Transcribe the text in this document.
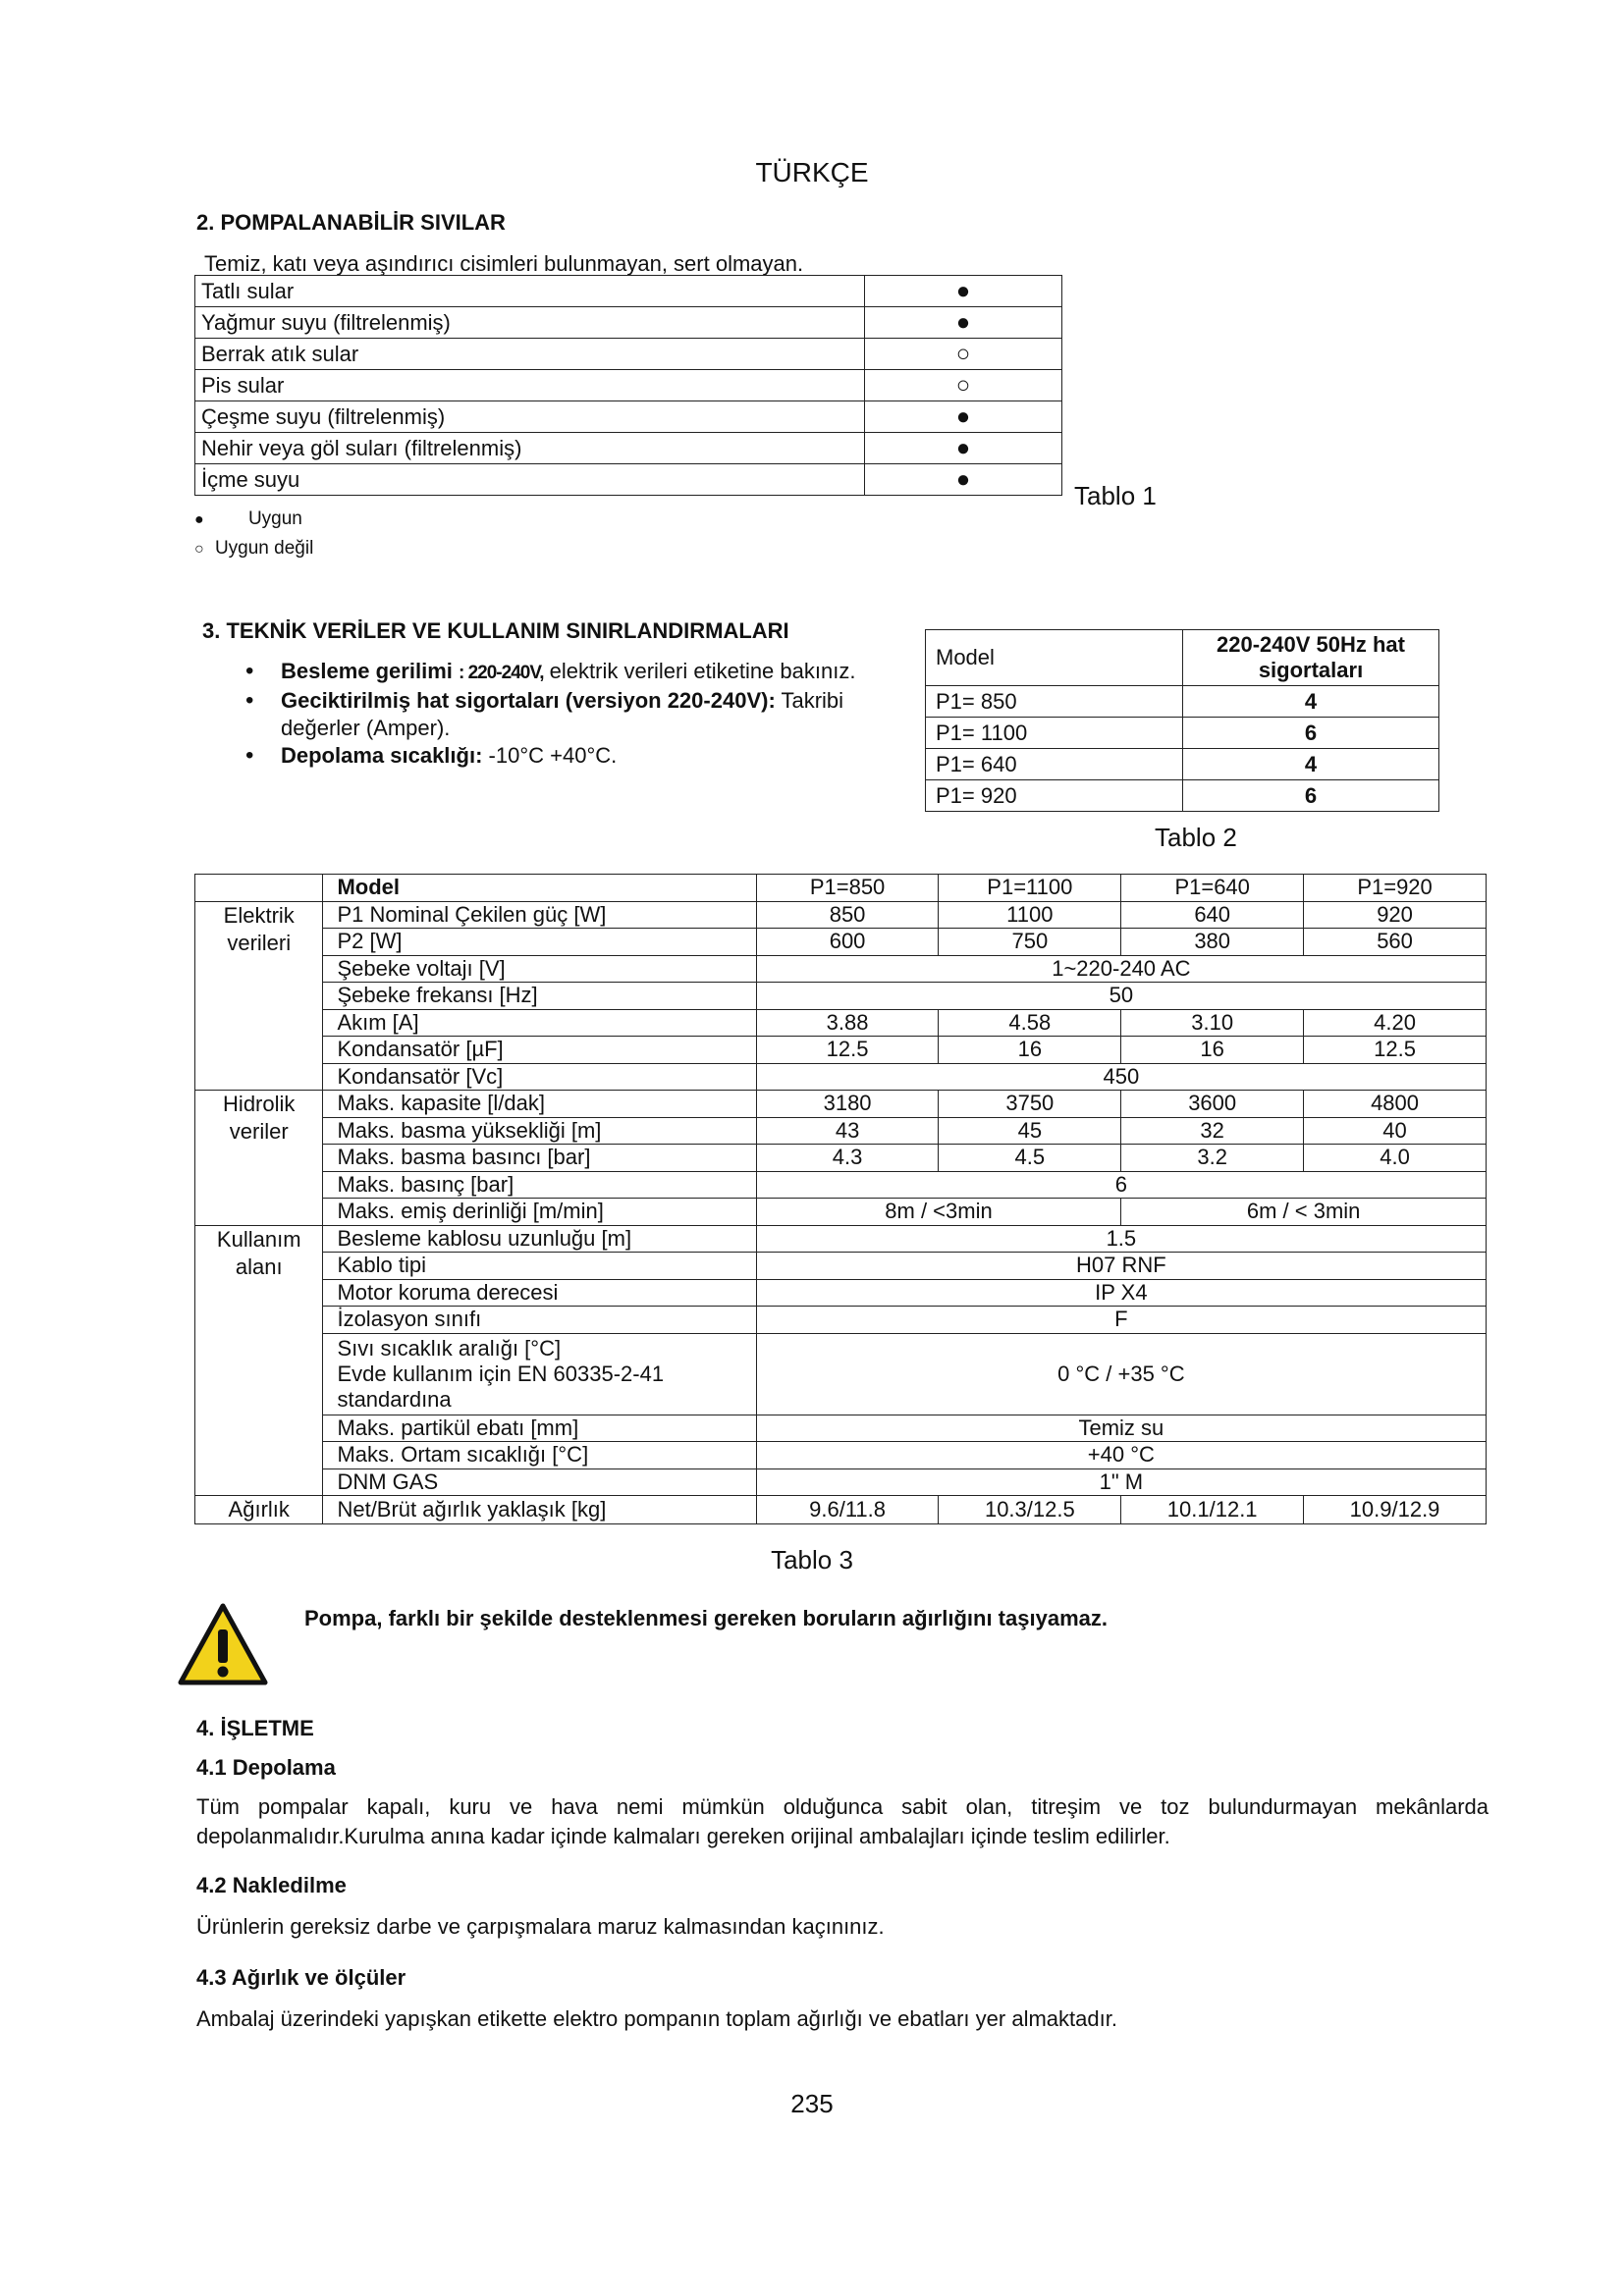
TÜRKÇE
2. POMPALANABİLİR SIVILAR
Temiz, katı veya aşındırıcı cisimleri bulunmayan, sert olmayan.
Tatlı sular	●
Yağmur suyu (filtrelenmiş)	●
Berrak atık sular	○
Pis sular	○
Çeşme suyu (filtrelenmiş)	●
Nehir veya göl suları (filtrelenmiş)	●
İçme suyu	●
Tablo 1
● Uygun
○ Uygun değil
3. TEKNİK VERİLER VE KULLANIM SINIRLANDIRMALARI
• Besleme gerilimi : 220-240V, elektrik verileri etiketine bakınız.
• Geciktirilmiş hat sigortaları (versiyon 220-240V): Takribi değerler (Amper).
• Depolama sıcaklığı: -10°C +40°C.
Model	220-240V 50Hz hat sigortaları
P1= 850	4
P1= 1100	6
P1= 640	4
P1= 920	6
Tablo 2
	Model	P1=850	P1=1100	P1=640	P1=920
Elektrik verileri	P1 Nominal Çekilen güç [W]	850	1100	640	920
	P2 [W]	600	750	380	560
	Şebeke voltajı [V]	1~220-240 AC			
	Şebeke frekansı [Hz]	50			
	Akım [A]	3.88	4.58	3.10	4.20
	Kondansatör [µF]	12.5	16	16	12.5
	Kondansatör [Vc]	450			
Hidrolik veriler	Maks. kapasite [l/dak]	3180	3750	3600	4800
	Maks. basma yüksekliği [m]	43	45	32	40
	Maks. basma basıncı [bar]	4.3	4.5	3.2	4.0
	Maks. basınç [bar]	6			
	Maks. emiş derinliği [m/min]	8m / <3min		6m / < 3min	
Kullanım alanı	Besleme kablosu uzunluğu [m]	1.5			
	Kablo tipi	H07 RNF			
	Motor koruma derecesi	IP X4			
	İzolasyon sınıfı	F			

	Sıvı sıcaklık aralığı [°C]
Evde kullanım için EN 60335-2-41
standardına	0 °C / +35 °C			
	Maks. partikül ebatı [mm]	Temiz su			
	Maks. Ortam sıcaklığı [°C]	+40 °C			
	DNM GAS	1" M			
Ağırlık	Net/Brüt ağırlık yaklaşık [kg]	9.6/11.8	10.3/12.5	10.1/12.1	10.9/12.9
Tablo 3
Pompa, farklı bir şekilde desteklenmesi gereken boruların ağırlığını taşıyamaz.
4. İŞLETME
4.1 Depolama
Tüm pompalar kapalı, kuru ve hava nemi mümkün olduğunca sabit olan, titreşim ve toz bulundurmayan mekânlarda depolanmalıdır.Kurulma anına kadar içinde kalmaları gereken orijinal ambalajları içinde teslim edilirler.
4.2 Nakledilme
Ürünlerin gereksiz darbe ve çarpışmalara maruz kalmasından kaçınınız.
4.3 Ağırlık ve ölçüler
Ambalaj üzerindeki yapışkan etikette elektro pompanın toplam ağırlığı ve ebatları yer almaktadır.
235
